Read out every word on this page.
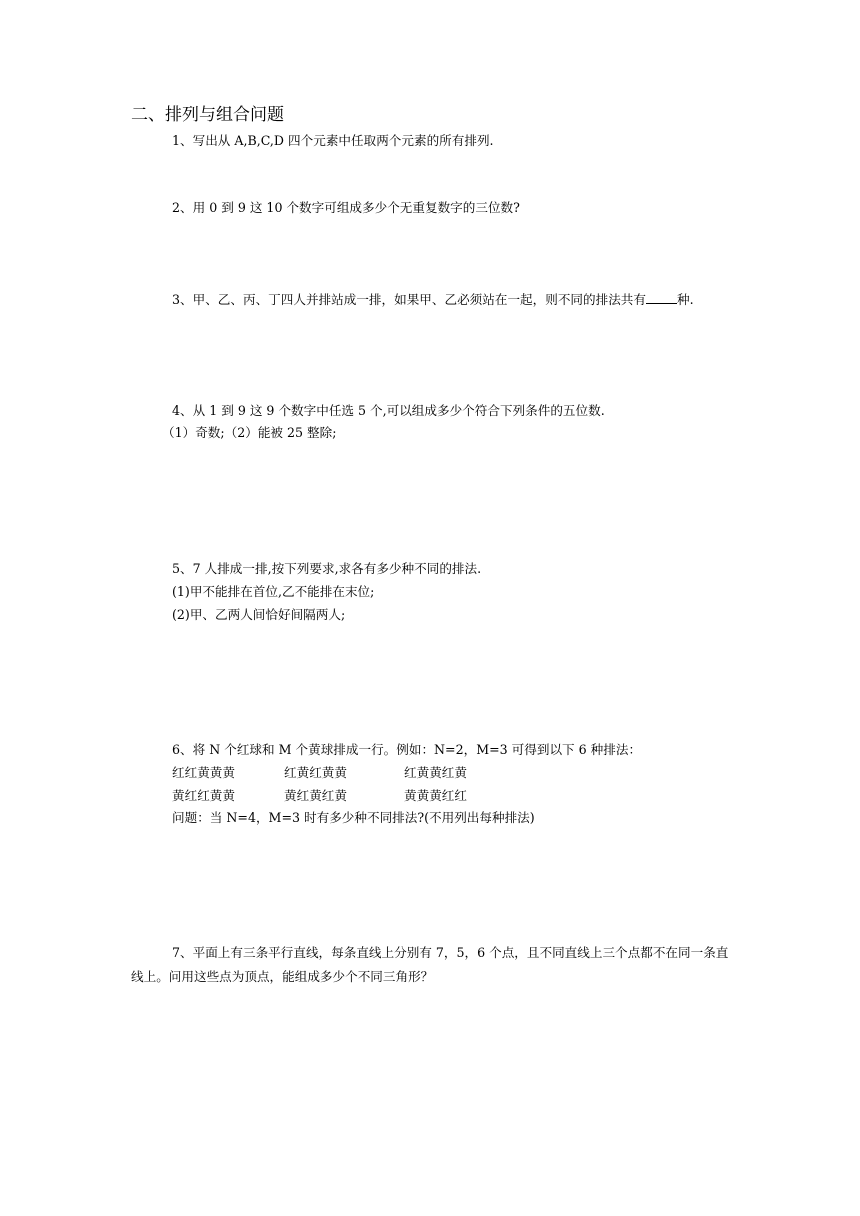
二、排列与组合问题
1、写出从 A,B,C,D 四个元素中任取两个元素的所有排列.
2、用 0 到 9 这 10 个数字可组成多少个无重复数字的三位数?
3、甲、乙、丙、丁四人并排站成一排，如果甲、乙必须站在一起，则不同的排法共有 种.
4、从 1 到 9 这 9 个数字中任选 5 个,可以组成多少个符合下列条件的五位数.
（1）奇数;（2）能被 25 整除;
5、7 人排成一排,按下列要求,求各有多少种不同的排法.
(1)甲不能排在首位,乙不能排在末位;
(2)甲、乙两人间恰好间隔两人;
6、将 N 个红球和 M 个黄球排成一行。例如：N=2，M=3 可得到以下 6 种排法：
红红黄黄黄	红黄红黄黄	红黄黄红黄
黄红红黄黄	黄红黄红黄	黄黄黄红红
问题：当 N=4，M=3 时有多少种不同排法?(不用列出每种排法)
7、平面上有三条平行直线，每条直线上分别有 7，5，6 个点，且不同直线上三个点都不在同一条直
线上。问用这些点为顶点，能组成多少个不同三角形？
